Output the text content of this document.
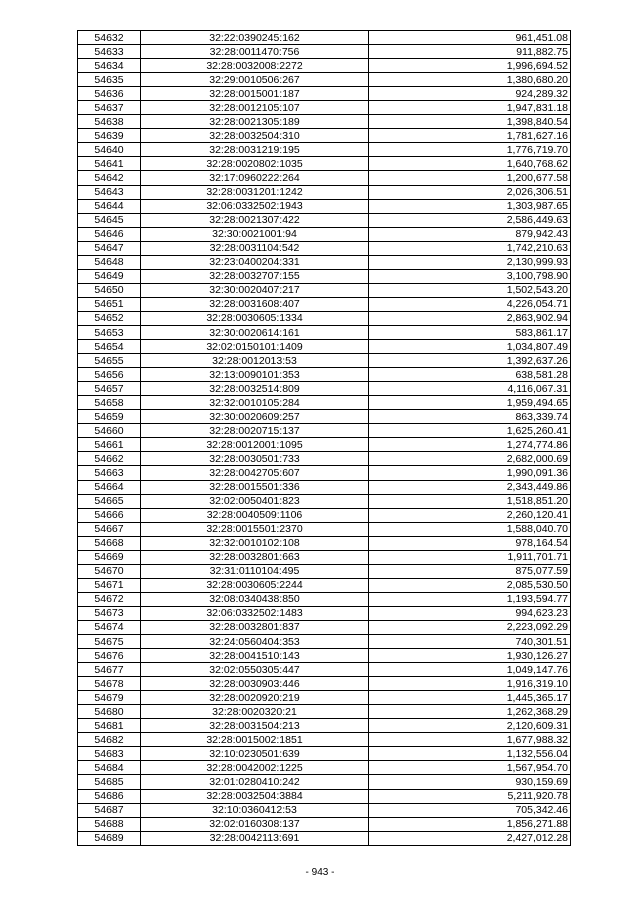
54632	32:22:0390245:162	961,451.08
54633	32:28:0011470:756	911,882.75
54634	32:28:0032008:2272	1,996,694.52
54635	32:29:0010506:267	1,380,680.20
54636	32:28:0015001:187	924,289.32
54637	32:28:0012105:107	1,947,831.18
54638	32:28:0021305:189	1,398,840.54
54639	32:28:0032504:310	1,781,627.16
54640	32:28:0031219:195	1,776,719.70
54641	32:28:0020802:1035	1,640,768.62
54642	32:17:0960222:264	1,200,677.58
54643	32:28:0031201:1242	2,026,306.51
54644	32:06:0332502:1943	1,303,987.65
54645	32:28:0021307:422	2,586,449.63
54646	32:30:0021001:94	879,942.43
54647	32:28:0031104:542	1,742,210.63
54648	32:23:0400204:331	2,130,999.93
54649	32:28:0032707:155	3,100,798.90
54650	32:30:0020407:217	1,502,543.20
54651	32:28:0031608:407	4,226,054.71
54652	32:28:0030605:1334	2,863,902.94
54653	32:30:0020614:161	583,861.17
54654	32:02:0150101:1409	1,034,807.49
54655	32:28:0012013:53	1,392,637.26
54656	32:13:0090101:353	638,581.28
54657	32:28:0032514:809	4,116,067.31
54658	32:32:0010105:284	1,959,494.65
54659	32:30:0020609:257	863,339.74
54660	32:28:0020715:137	1,625,260.41
54661	32:28:0012001:1095	1,274,774.86
54662	32:28:0030501:733	2,682,000.69
54663	32:28:0042705:607	1,990,091.36
54664	32:28:0015501:336	2,343,449.86
54665	32:02:0050401:823	1,518,851.20
54666	32:28:0040509:1106	2,260,120.41
54667	32:28:0015501:2370	1,588,040.70
54668	32:32:0010102:108	978,164.54
54669	32:28:0032801:663	1,911,701.71
54670	32:31:0110104:495	875,077.59
54671	32:28:0030605:2244	2,085,530.50
54672	32:08:0340438:850	1,193,594.77
54673	32:06:0332502:1483	994,623.23
54674	32:28:0032801:837	2,223,092.29
54675	32:24:0560404:353	740,301.51
54676	32:28:0041510:143	1,930,126.27
54677	32:02:0550305:447	1,049,147.76
54678	32:28:0030903:446	1,916,319.10
54679	32:28:0020920:219	1,445,365.17
54680	32:28:0020320:21	1,262,368.29
54681	32:28:0031504:213	2,120,609.31
54682	32:28:0015002:1851	1,677,988.32
54683	32:10:0230501:639	1,132,556.04
54684	32:28:0042002:1225	1,567,954.70
54685	32:01:0280410:242	930,159.69
54686	32:28:0032504:3884	5,211,920.78
54687	32:10:0360412:53	705,342.46
54688	32:02:0160308:137	1,856,271.88
54689	32:28:0042113:691	2,427,012.28
- 943 -
